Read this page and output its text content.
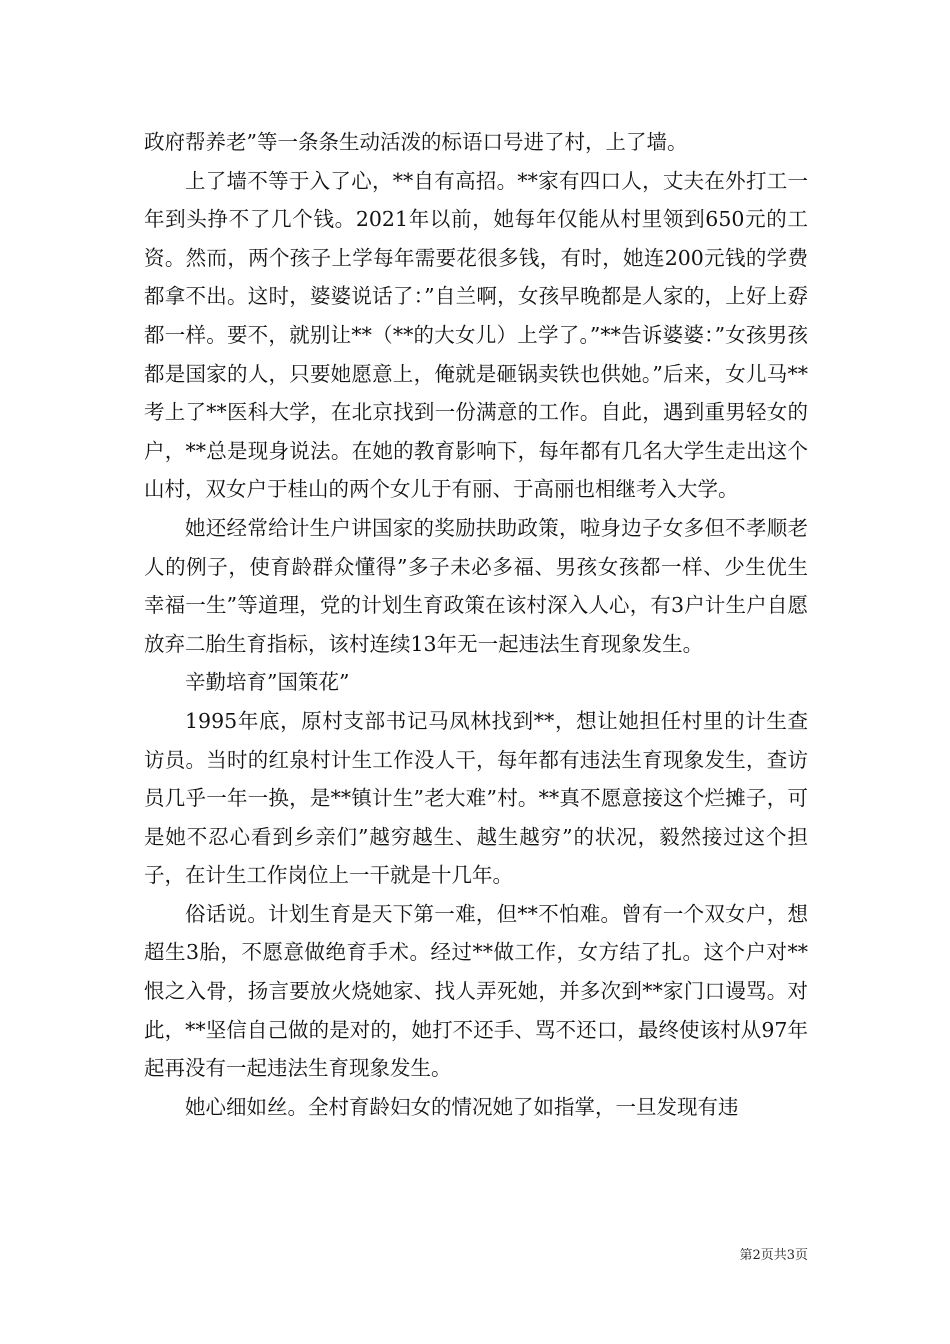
政府帮养老”等一条条生动活泼的标语口号进了村，上了墙。

上了墙不等于入了心，**自有高招。**家有四口人，丈夫在外打工一年到头挣不了几个钱。2021年以前，她每年仅能从村里领到650元的工资。然而，两个孩子上学每年需要花很多钱，有时，她连200元钱的学费都拿不出。这时，婆婆说话了：”自兰啊，女孩早晚都是人家的，上好上孬都一样。要不，就别让**（**的大女儿）上学了。”**告诉婆婆：”女孩男孩都是国家的人，只要她愿意上，俺就是砸锅卖铁也供她。”后来，女儿马**考上了**医科大学，在北京找到一份满意的工作。自此，遇到重男轻女的户，**总是现身说法。在她的教育影响下，每年都有几名大学生走出这个山村，双女户于桂山的两个女儿于有丽、于高丽也相继考入大学。

她还经常给计生户讲国家的奖励扶助政策，啦身边子女多但不孝顺老人的例子，使育龄群众懂得”多子未必多福、男孩女孩都一样、少生优生幸福一生”等道理，党的计划生育政策在该村深入人心，有3户计生户自愿放弃二胎生育指标，该村连续13年无一起违法生育现象发生。

辛勤培育”国策花”

1995年底，原村支部书记马凤林找到**，想让她担任村里的计生查访员。当时的红泉村计生工作没人干，每年都有违法生育现象发生，查访员几乎一年一换，是**镇计生”老大难”村。**真不愿意接这个烂摊子，可是她不忍心看到乡亲们”越穷越生、越生越穷”的状况，毅然接过这个担子，在计生工作岗位上一干就是十几年。

俗话说。计划生育是天下第一难，但**不怕难。曾有一个双女户，想超生3胎，不愿意做绝育手术。经过**做工作，女方结了扎。这个户对**恨之入骨，扬言要放火烧她家、找人弄死她，并多次到**家门口谩骂。对此，**坚信自己做的是对的，她打不还手、骂不还口，最终使该村从97年起再没有一起违法生育现象发生。

她心细如丝。全村育龄妇女的情况她了如指掌，一旦发现有违

第2页共3页
